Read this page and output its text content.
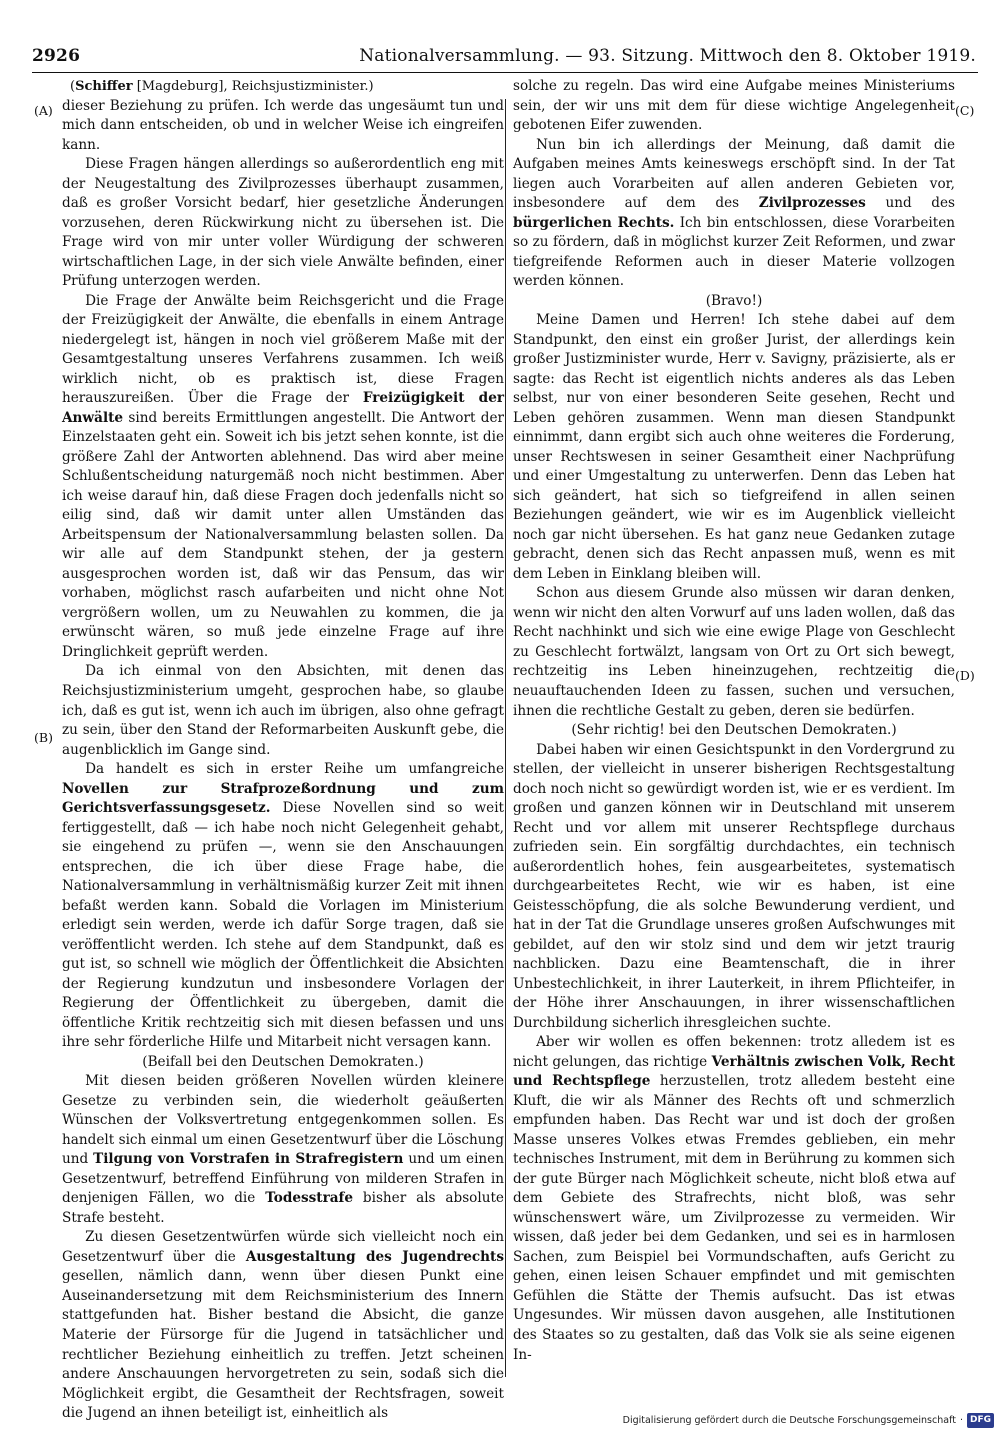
2926	Nationalversammlung. — 93. Sitzung. Mittwoch den 8. Oktober 1919.
(A)
(B)
(C)
(D)
(Schiffer [Magdeburg], Reichsjustizminister.)

dieser Beziehung zu prüfen. Ich werde das ungesäumt tun und mich dann entscheiden, ob und in welcher Weise ich eingreifen kann.

Diese Fragen hängen allerdings so außerordentlich eng mit der Neugestaltung des Zivilprozesses überhaupt zusammen, daß es großer Vorsicht bedarf, hier gesetzliche Änderungen vorzusehen, deren Rückwirkung nicht zu übersehen ist. Die Frage wird von mir unter voller Würdigung der schweren wirtschaftlichen Lage, in der sich viele Anwälte befinden, einer Prüfung unterzogen werden.

Die Frage der Anwälte beim Reichsgericht und die Frage der Freizügigkeit der Anwälte, die ebenfalls in einem Antrage niedergelegt ist, hängen in noch viel größerem Maße mit der Gesamtgestaltung unseres Verfahrens zusammen. Ich weiß wirklich nicht, ob es praktisch ist, diese Fragen herauszureißen. Über die Frage der Freizügigkeit der Anwälte sind bereits Ermittlungen angestellt. Die Antwort der Einzelstaaten geht ein. Soweit ich bis jetzt sehen konnte, ist die größere Zahl der Antworten ablehnend. Das wird aber meine Schlußentscheidung naturgemäß noch nicht bestimmen. Aber ich weise darauf hin, daß diese Fragen doch jedenfalls nicht so eilig sind, daß wir damit unter allen Umständen das Arbeitspensum der Nationalversammlung belasten sollen. Da wir alle auf dem Standpunkt stehen, der ja gestern ausgesprochen worden ist, daß wir das Pensum, das wir vorhaben, möglichst rasch aufarbeiten und nicht ohne Not vergrößern wollen, um zu Neuwahlen zu kommen, die ja erwünscht wären, so muß jede einzelne Frage auf ihre Dringlichkeit geprüft werden.

Da ich einmal von den Absichten, mit denen das Reichsjustizministerium umgeht, gesprochen habe, so glaube ich, daß es gut ist, wenn ich auch im übrigen, also ohne gefragt zu sein, über den Stand der Reformarbeiten Auskunft gebe, die augenblicklich im Gange sind.

Da handelt es sich in erster Reihe um umfangreiche Novellen zur Strafprozeßordnung und zum Gerichtsverfassungsgesetz. Diese Novellen sind so weit fertiggestellt, daß — ich habe noch nicht Gelegenheit gehabt, sie eingehend zu prüfen —, wenn sie den Anschauungen entsprechen, die ich über diese Frage habe, die Nationalversammlung in verhältnismäßig kurzer Zeit mit ihnen befaßt werden kann. Sobald die Vorlagen im Ministerium erledigt sein werden, werde ich dafür Sorge tragen, daß sie veröffentlicht werden. Ich stehe auf dem Standpunkt, daß es gut ist, so schnell wie möglich der Öffentlichkeit die Absichten der Regierung kundzutun und insbesondere Vorlagen der Regierung der Öffentlichkeit zu übergeben, damit die öffentliche Kritik rechtzeitig sich mit diesen befassen und uns ihre sehr förderliche Hilfe und Mitarbeit nicht versagen kann.

(Beifall bei den Deutschen Demokraten.)

Mit diesen beiden größeren Novellen würden kleinere Gesetze zu verbinden sein, die wiederholt geäußerten Wünschen der Volksvertretung entgegenkommen sollen. Es handelt sich einmal um einen Gesetzentwurf über die Löschung und Tilgung von Vorstrafen in Strafregistern und um einen Gesetzentwurf, betreffend Einführung von milderen Strafen in denjenigen Fällen, wo die Todesstrafe bisher als absolute Strafe besteht.

Zu diesen Gesetzentwürfen würde sich vielleicht noch ein Gesetzentwurf über die Ausgestaltung des Jugendrechts gesellen, nämlich dann, wenn über diesen Punkt eine Auseinandersetzung mit dem Reichsministerium des Innern stattgefunden hat. Bisher bestand die Absicht, die ganze Materie der Fürsorge für die Jugend in tatsächlicher und rechtlicher Beziehung einheitlich zu treffen. Jetzt scheinen andere Anschauungen hervorgetreten zu sein, sodaß sich die Möglichkeit ergibt, die Gesamtheit der Rechtsfragen, soweit die Jugend an ihnen beteiligt ist, einheitlich als

solche zu regeln. Das wird eine Aufgabe meines Ministeriums sein, der wir uns mit dem für diese wichtige Angelegenheit gebotenen Eifer zuwenden.

Nun bin ich allerdings der Meinung, daß damit die Aufgaben meines Amts keineswegs erschöpft sind. In der Tat liegen auch Vorarbeiten auf allen anderen Gebieten vor, insbesondere auf dem des Zivilprozesses und des bürgerlichen Rechts. Ich bin entschlossen, diese Vorarbeiten so zu fördern, daß in möglichst kurzer Zeit Reformen, und zwar tiefgreifende Reformen auch in dieser Materie vollzogen werden können.

(Bravo!)

Meine Damen und Herren! Ich stehe dabei auf dem Standpunkt, den einst ein großer Jurist, der allerdings kein großer Justizminister wurde, Herr v. Savigny, präzisierte, als er sagte: das Recht ist eigentlich nichts anderes als das Leben selbst, nur von einer besonderen Seite gesehen, Recht und Leben gehören zusammen. Wenn man diesen Standpunkt einnimmt, dann ergibt sich auch ohne weiteres die Forderung, unser Rechtswesen in seiner Gesamtheit einer Nachprüfung und einer Umgestaltung zu unterwerfen. Denn das Leben hat sich geändert, hat sich so tiefgreifend in allen seinen Beziehungen geändert, wie wir es im Augenblick vielleicht noch gar nicht übersehen. Es hat ganz neue Gedanken zutage gebracht, denen sich das Recht anpassen muß, wenn es mit dem Leben in Einklang bleiben will.

Schon aus diesem Grunde also müssen wir daran denken, wenn wir nicht den alten Vorwurf auf uns laden wollen, daß das Recht nachhinkt und sich wie eine ewige Plage von Geschlecht zu Geschlecht fortwälzt, langsam von Ort zu Ort sich bewegt, rechtzeitig ins Leben hineinzugehen, rechtzeitig die neuauftauchenden Ideen zu fassen, suchen und versuchen, ihnen die rechtliche Gestalt zu geben, deren sie bedürfen.

(Sehr richtig! bei den Deutschen Demokraten.)

Dabei haben wir einen Gesichtspunkt in den Vordergrund zu stellen, der vielleicht in unserer bisherigen Rechtsgestaltung doch noch nicht so gewürdigt worden ist, wie er es verdient. Im großen und ganzen können wir in Deutschland mit unserem Recht und vor allem mit unserer Rechtspflege durchaus zufrieden sein. Ein sorgfältig durchdachtes, ein technisch außerordentlich hohes, fein ausgearbeitetes, systematisch durchgearbeitetes Recht, wie wir es haben, ist eine Geistesschöpfung, die als solche Bewunderung verdient, und hat in der Tat die Grundlage unseres großen Aufschwunges mit gebildet, auf den wir stolz sind und dem wir jetzt traurig nachblicken. Dazu eine Beamtenschaft, die in ihrer Unbestechlichkeit, in ihrer Lauterkeit, in ihrem Pflichteifer, in der Höhe ihrer Anschauungen, in ihrer wissenschaftlichen Durchbildung sicherlich ihresgleichen suchte.

Aber wir wollen es offen bekennen: trotz alledem ist es nicht gelungen, das richtige Verhältnis zwischen Volk, Recht und Rechtspflege herzustellen, trotz alledem besteht eine Kluft, die wir als Männer des Rechts oft und schmerzlich empfunden haben. Das Recht war und ist doch der großen Masse unseres Volkes etwas Fremdes geblieben, ein mehr technisches Instrument, mit dem in Berührung zu kommen sich der gute Bürger nach Möglichkeit scheute, nicht bloß etwa auf dem Gebiete des Strafrechts, nicht bloß, was sehr wünschenswert wäre, um Zivilprozesse zu vermeiden. Wir wissen, daß jeder bei dem Gedanken, und sei es in harmlosen Sachen, zum Beispiel bei Vormundschaften, aufs Gericht zu gehen, einen leisen Schauer empfindet und mit gemischten Gefühlen die Stätte der Themis aufsucht. Das ist etwas Ungesundes. Wir müssen davon ausgehen, alle Institutionen des Staates so zu gestalten, daß das Volk sie als seine eigenen In-

Digitalisierung gefördert durch die Deutsche Forschungsgemeinschaft · DFG
